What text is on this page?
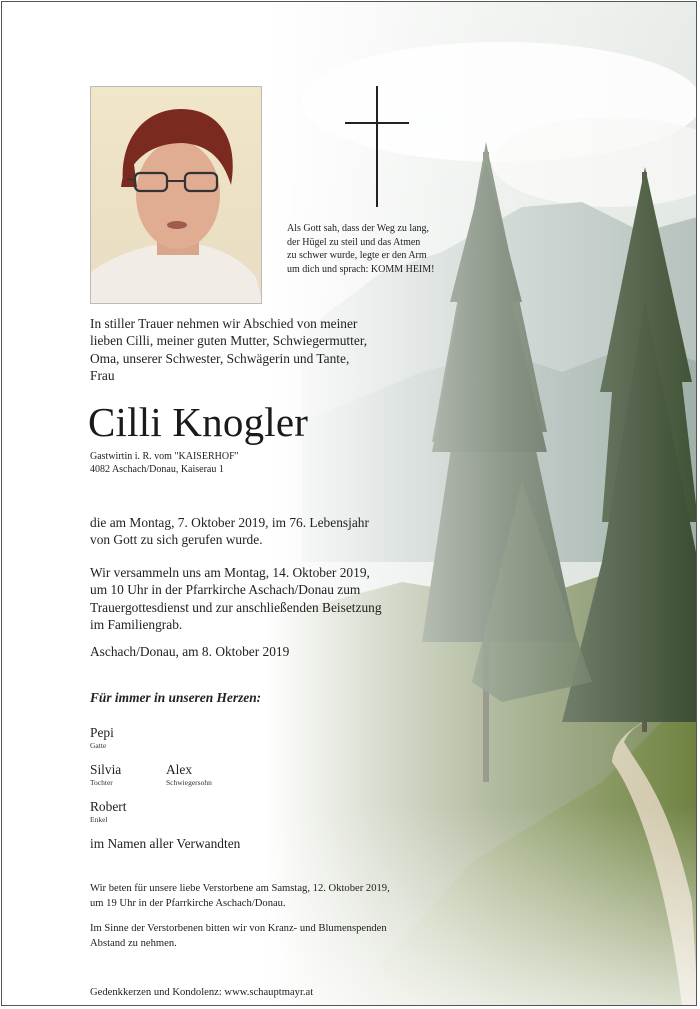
Als Gott sah, dass der Weg zu lang,
der Hügel zu steil und das Atmen
zu schwer wurde, legte er den Arm
um dich und sprach: KOMM HEIM!
In stiller Trauer nehmen wir Abschied von meiner
lieben Cilli, meiner guten Mutter, Schwiegermutter,
Oma, unserer Schwester, Schwägerin und Tante,
Frau
Cilli Knogler
Gastwirtin i. R. vom "KAISERHOF"
4082 Aschach/Donau, Kaiserau 1
die am Montag, 7. Oktober 2019, im 76. Lebensjahr
von Gott zu sich gerufen wurde.
Wir versammeln uns am Montag, 14. Oktober 2019,
um 10 Uhr in der Pfarrkirche Aschach/Donau zum
Trauergottesdienst und zur anschließenden Beisetzung
im Familiengrab.
Aschach/Donau, am 8. Oktober 2019
Für immer in unseren Herzen:
Pepi
Gatte
Silvia
Tochter
Alex
Schwiegersohn
Robert
Enkel
im Namen aller Verwandten
Wir beten für unsere liebe Verstorbene am Samstag, 12. Oktober 2019,
um 19 Uhr in der Pfarrkirche Aschach/Donau.
Im Sinne der Verstorbenen bitten wir von Kranz- und Blumenspenden
Abstand zu nehmen.
Gedenkkerzen und Kondolenz: www.schauptmayr.at
